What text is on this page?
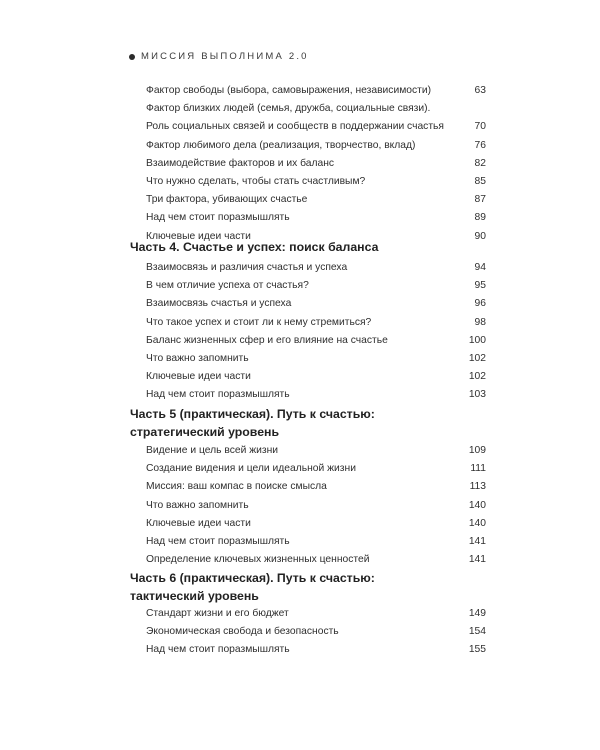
МИССИЯ ВЫПОЛНИМА 2.0
Фактор свободы (выбора, самовыражения, независимости)	63
Фактор близких людей (семья, дружба, социальные связи).
Роль социальных связей и сообществ в поддержании счастья	70
Фактор любимого дела (реализация, творчество, вклад)	76
Взаимодействие факторов и их баланс	82
Что нужно сделать, чтобы стать счастливым?	85
Три фактора, убивающих счастье	87
Над чем стоит поразмышлять	89
Ключевые идеи части	90
Часть 4. Счастье и успех: поиск баланса
Взаимосвязь и различия счастья и успеха	94
В чем отличие успеха от счастья?	95
Взаимосвязь счастья и успеха	96
Что такое успех и стоит ли к нему стремиться?	98
Баланс жизненных сфер и его влияние на счастье	100
Что важно запомнить	102
Ключевые идеи части	102
Над чем стоит поразмышлять	103
Часть 5 (практическая). Путь к счастью:
стратегический уровень
Видение и цель всей жизни	109
Создание видения и цели идеальной жизни	111
Миссия: ваш компас в поиске смысла	113
Что важно запомнить	140
Ключевые идеи части	140
Над чем стоит поразмышлять	141
Определение ключевых жизненных ценностей	141
Часть 6 (практическая). Путь к счастью:
тактический уровень
Стандарт жизни и его бюджет	149
Экономическая свобода и безопасность	154
Над чем стоит поразмышлять	155
